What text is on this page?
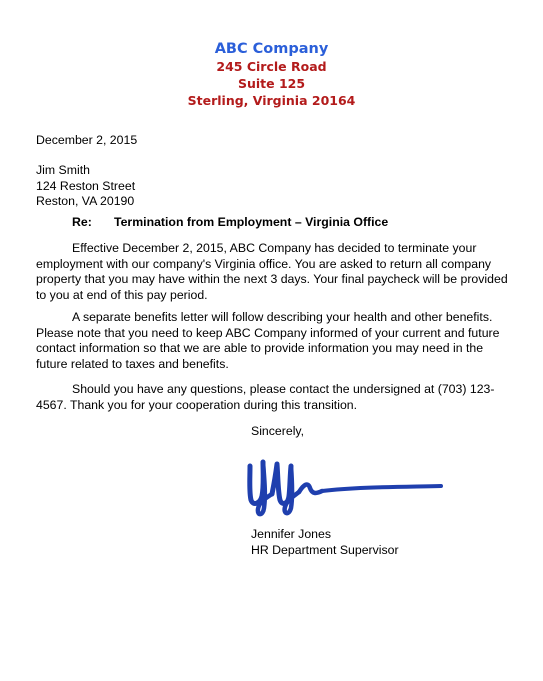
ABC Company
245 Circle Road
Suite 125
Sterling, Virginia 20164
December 2, 2015
Jim Smith
124 Reston Street
Reston, VA 20190
Re: Termination from Employment – Virginia Office
Effective December 2, 2015, ABC Company has decided to terminate your
employment with our company's Virginia office. You are asked to return all company
property that you may have within the next 3 days. Your final paycheck will be provided
to you at end of this pay period.
A separate benefits letter will follow describing your health and other benefits.
Please note that you need to keep ABC Company informed of your current and future
contact information so that we are able to provide information you may need in the
future related to taxes and benefits.
Should you have any questions, please contact the undersigned at (703) 123-
4567. Thank you for your cooperation during this transition.
Sincerely,
Jennifer Jones
HR Department Supervisor
